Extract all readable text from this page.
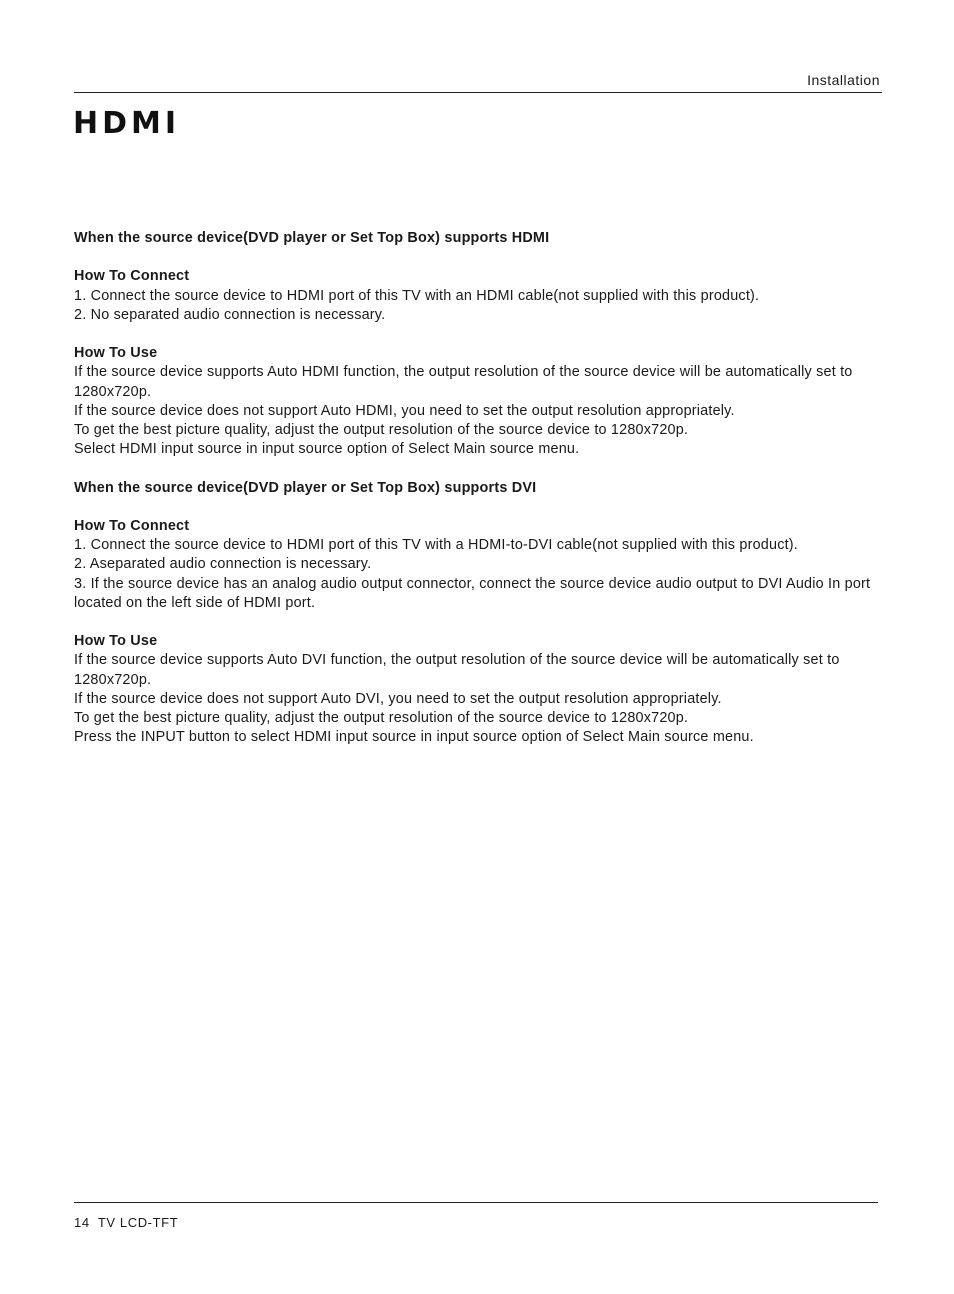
Installation
HDMI

When the source device(DVD player or Set Top Box) supports HDMI

How To Connect

1. Connect the source device to HDMI port of this TV with an HDMI cable(not supplied with this product).

2. No separated audio connection is necessary.

How To Use

If the source device supports Auto HDMI function, the output resolution of the source device will be automatically set to 1280x720p.

If the source device does not support Auto HDMI, you need to set the output resolution appropriately.

To get the best picture quality, adjust the output resolution of the source device to 1280x720p.

Select HDMI input source in input source option of Select Main source menu.

When the source device(DVD player or Set Top Box) supports DVI

How To Connect

1. Connect the source device to HDMI port of this TV with a HDMI-to-DVI cable(not supplied with this product).

2. Aseparated audio connection is necessary.

3. If the source device has an analog audio output connector, connect the source device audio output to DVI Audio In port located on the left side of HDMI port.

How To Use

If the source device supports Auto DVI function, the output resolution of the source device will be automatically set to 1280x720p.

If the source device does not support Auto DVI, you need to set the output resolution appropriately.

To get the best picture quality, adjust the output resolution of the source device to 1280x720p.

Press the INPUT button to select HDMI input source in input source option of Select Main source menu.

14  TV LCD-TFT
